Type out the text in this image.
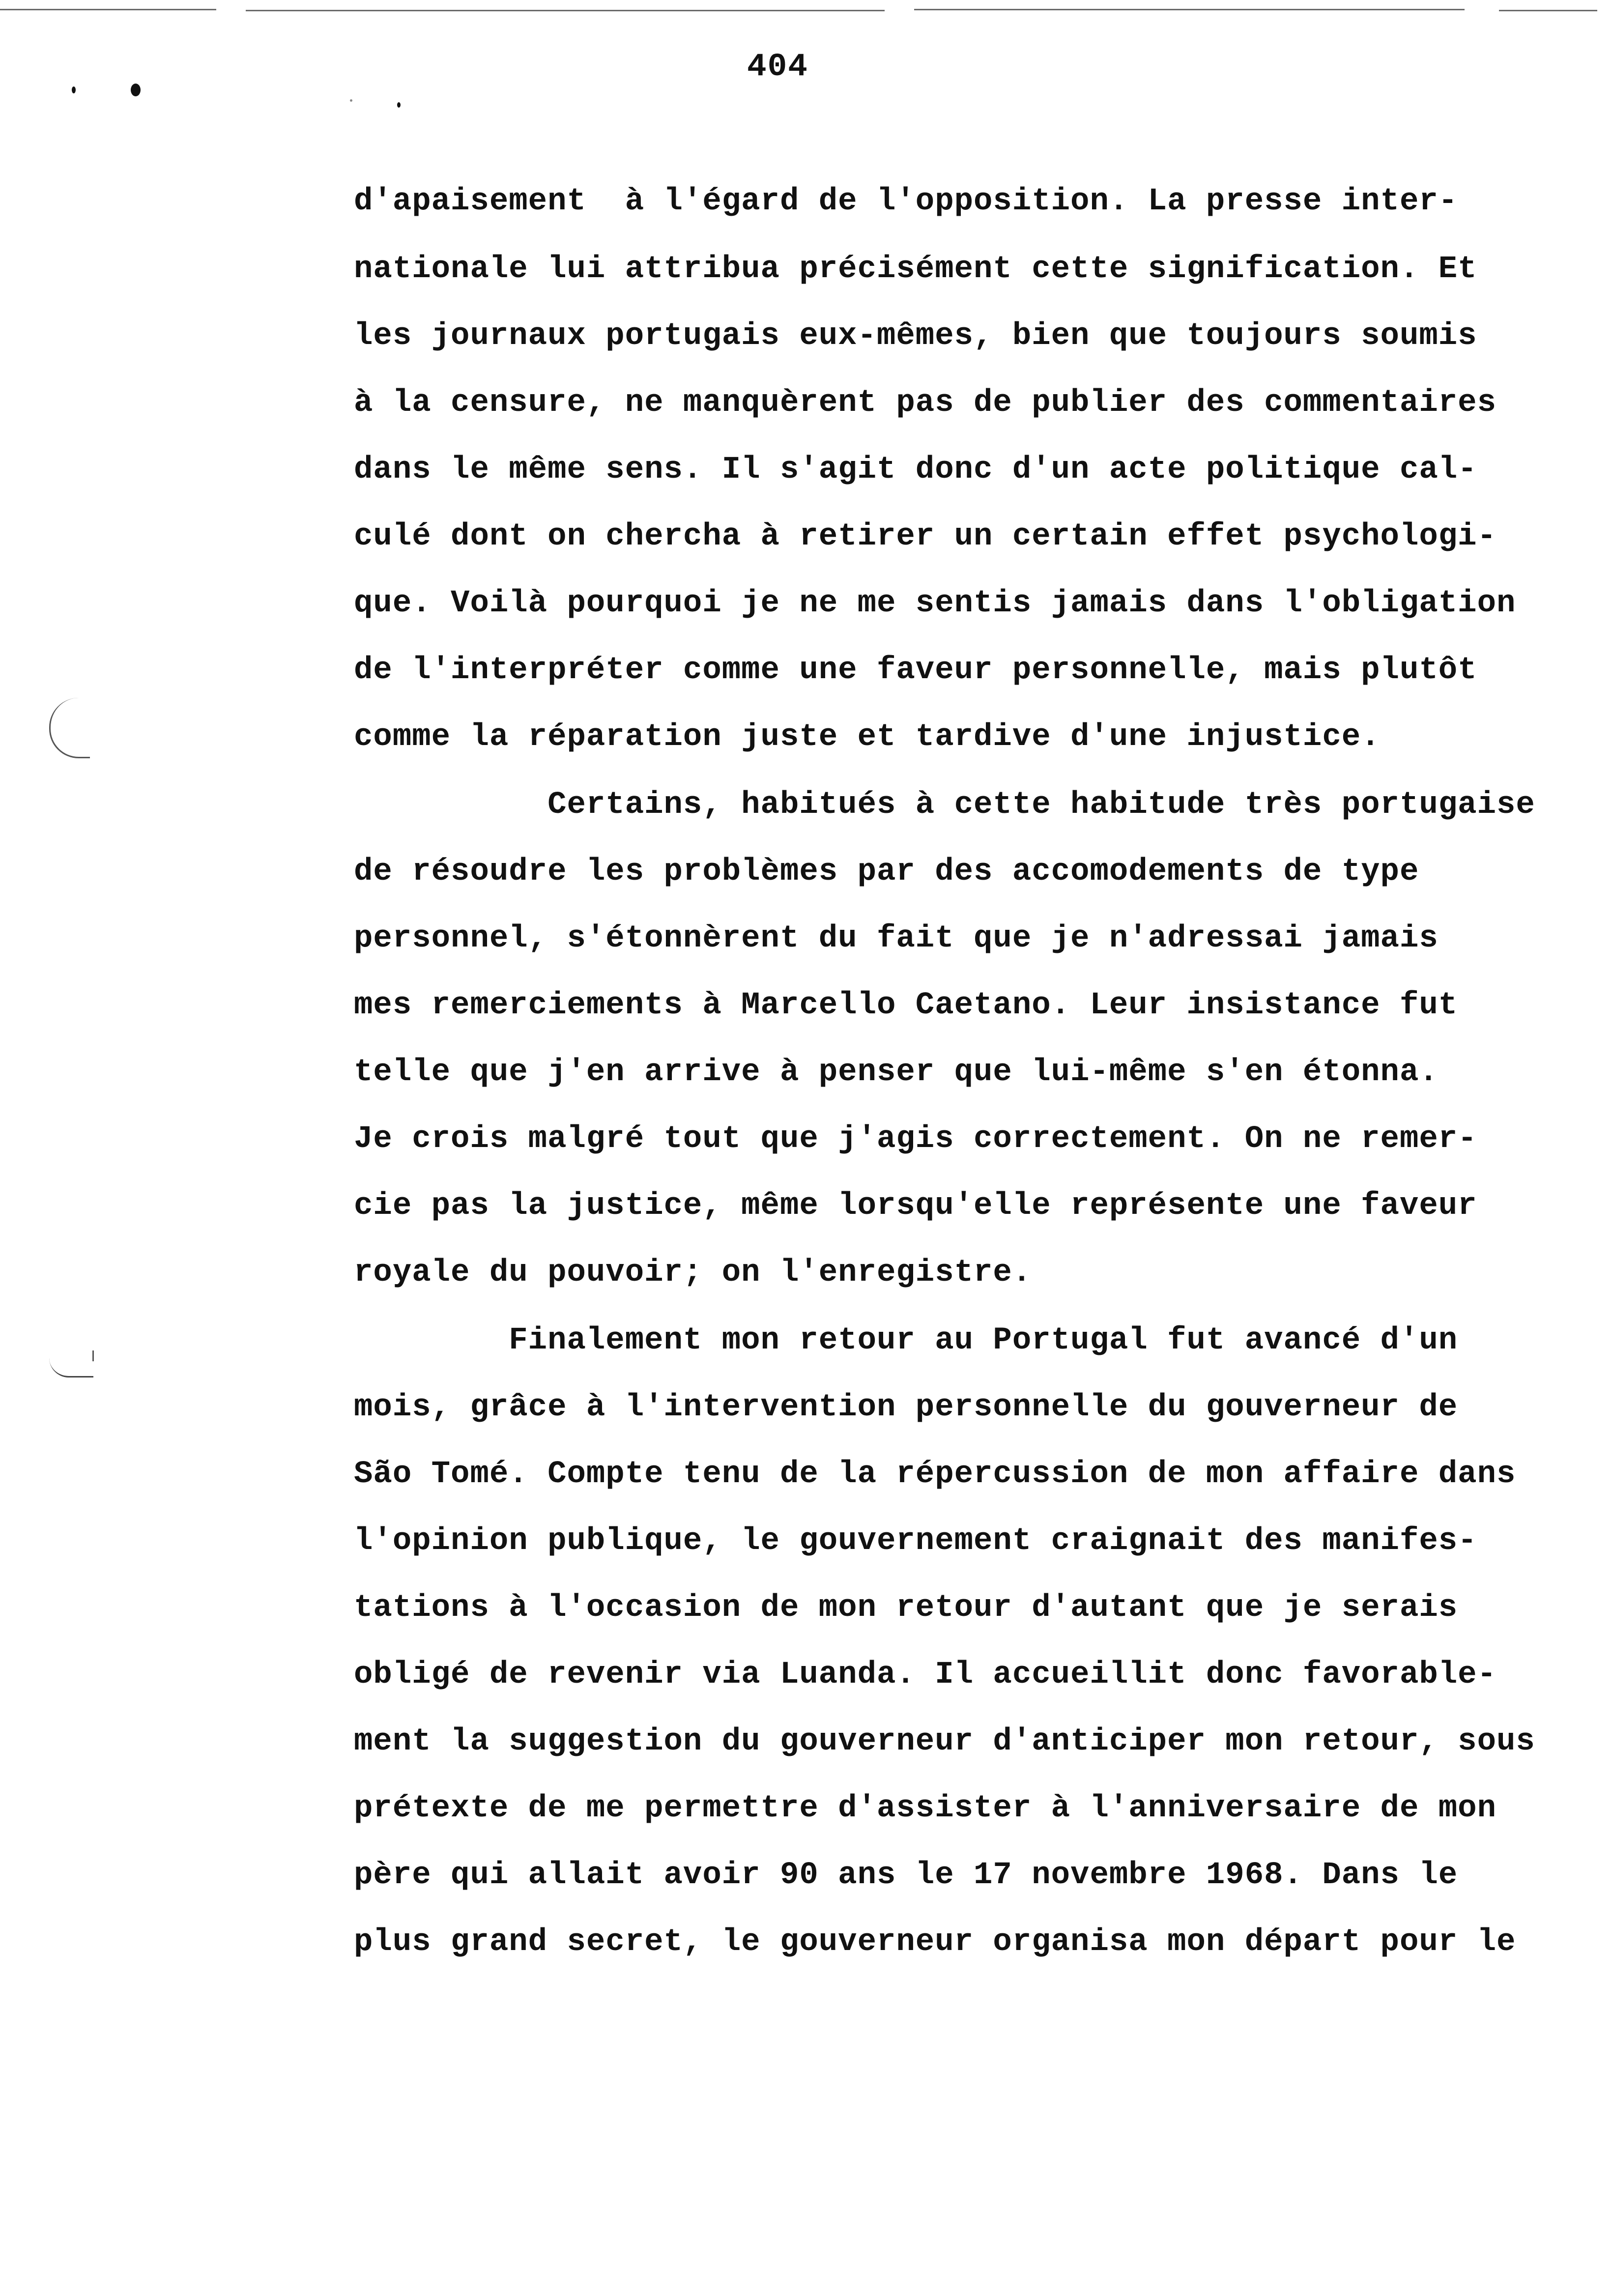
404
d'apaisement  à l'égard de l'opposition. La presse inter-
nationale lui attribua précisément cette signification. Et
les journaux portugais eux-mêmes, bien que toujours soumis
à la censure, ne manquèrent pas de publier des commentaires
dans le même sens. Il s'agit donc d'un acte politique cal-
culé dont on chercha à retirer un certain effet psychologi-
que. Voilà pourquoi je ne me sentis jamais dans l'obligation
de l'interpréter comme une faveur personnelle, mais plutôt
comme la réparation juste et tardive d'une injustice.
Certains, habitués à cette habitude très portugaise
de résoudre les problèmes par des accomodements de type
personnel, s'étonnèrent du fait que je n'adressai jamais
mes remerciements à Marcello Caetano. Leur insistance fut
telle que j'en arrive à penser que lui-même s'en étonna.
Je crois malgré tout que j'agis correctement. On ne remer-
cie pas la justice, même lorsqu'elle représente une faveur
royale du pouvoir; on l'enregistre.
Finalement mon retour au Portugal fut avancé d'un
mois, grâce à l'intervention personnelle du gouverneur de
São Tomé. Compte tenu de la répercussion de mon affaire dans
l'opinion publique, le gouvernement craignait des manifes-
tations à l'occasion de mon retour d'autant que je serais
obligé de revenir via Luanda. Il accueillit donc favorable-
ment la suggestion du gouverneur d'anticiper mon retour, sous
prétexte de me permettre d'assister à l'anniversaire de mon
père qui allait avoir 90 ans le 17 novembre 1968. Dans le
plus grand secret, le gouverneur organisa mon départ pour le
